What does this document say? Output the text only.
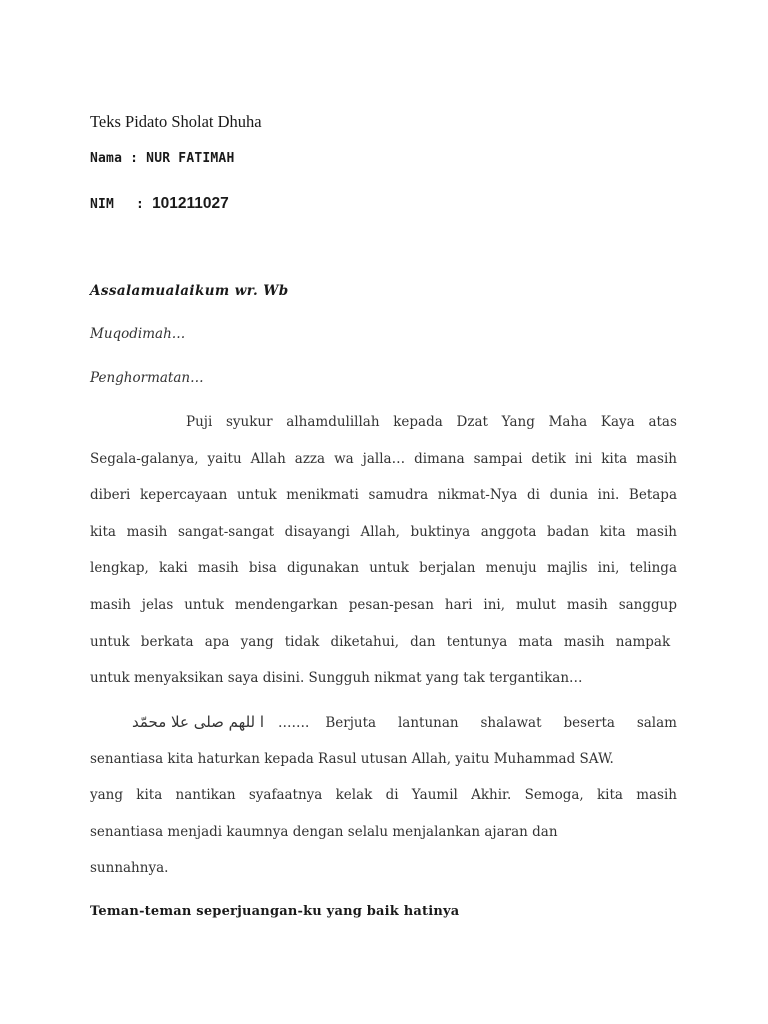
Teks Pidato Sholat Dhuha
Nama : NUR FATIMAH
NIM : 101211027
Assalamualaikum wr. Wb
Muqodimah…
Penghormatan…
Puji syukur alhamdulillah kepada Dzat Yang Maha Kaya atas
Segala-galanya, yaitu Allah azza wa jalla… dimana sampai detik ini kita masih
diberi kepercayaan untuk menikmati samudra nikmat-Nya di dunia ini. Betapa
kita masih sangat-sangat disayangi Allah, buktinya anggota badan kita masih
lengkap, kaki masih bisa digunakan untuk berjalan menuju majlis ini, telinga
masih jelas untuk mendengarkan pesan-pesan hari ini, mulut masih sanggup
untuk berkata apa yang tidak diketahui, dan tentunya mata masih nampak
untuk menyaksikan saya disini. Sungguh nikmat yang tak tergantikan…
ا للهم صلى علا محمّد ……. Berjuta lantunan shalawat beserta salam
senantiasa kita haturkan kepada Rasul utusan Allah, yaitu Muhammad SAW.
yang kita nantikan syafaatnya kelak di Yaumil Akhir. Semoga, kita masih
senantiasa menjadi kaumnya dengan selalu menjalankan ajaran dan
sunnahnya.
Teman-teman seperjuangan-ku yang baik hatinya
